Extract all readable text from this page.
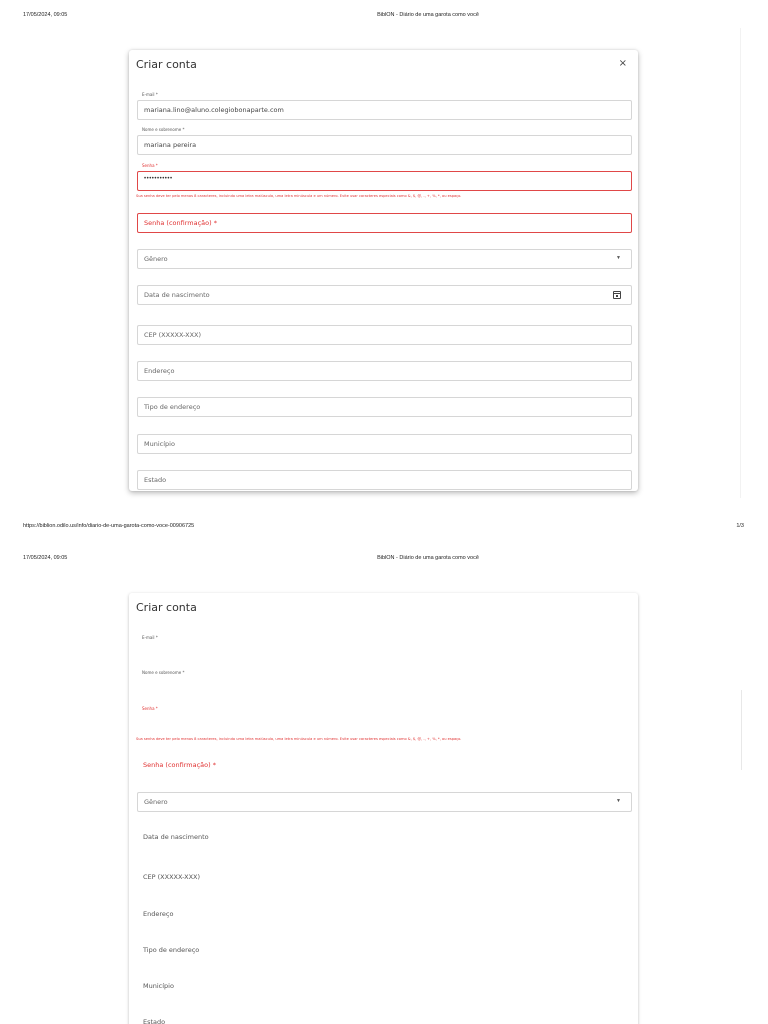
17/05/2024, 09:05	BiblON - Diário de uma garota como você
Criar conta	×
E-mail *
mariana.lino@aluno.colegiobonaparte.com
Nome e sobrenome *
mariana pereira
Senha *
•••••••••••
Sua senha deve ter pelo menos 8 caracteres, incluindo uma letra maiúscula, uma letra minúscula e um número. Evite usar caracteres especiais como &, $, @, -, +, %, *, ou espaço.
Senha (confirmação) *
Gênero	▼
Data de nascimento
CEP (XXXXX-XXX)
Endereço
Tipo de endereço
Município
Estado
https://biblion.odilo.us/info/diario-de-uma-garota-como-voce-00906725	1/3
17/05/2024, 09:05	BiblON - Diário de uma garota como você
Criar conta
E-mail *
Nome e sobrenome *
Senha *
Sua senha deve ter pelo menos 8 caracteres, incluindo uma letra maiúscula, uma letra minúscula e um número. Evite usar caracteres especiais como &, $, @, -, +, %, *, ou espaço.
Senha (confirmação) *
Gênero	▼
Data de nascimento
CEP (XXXXX-XXX)
Endereço
Tipo de endereço
Município
Estado
